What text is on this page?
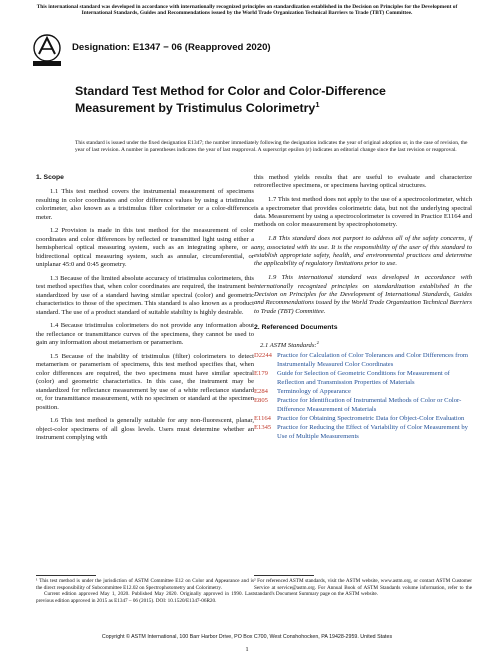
This international standard was developed in accordance with internationally recognized principles on standardization established in the Decision on Principles for the Development of International Standards, Guides and Recommendations issued by the World Trade Organization Technical Barriers to Trade (TBT) Committee.
Designation: E1347 − 06 (Reapproved 2020)
Standard Test Method for Color and Color-Difference Measurement by Tristimulus Colorimetry$^1$
This standard is issued under the fixed designation E1347; the number immediately following the designation indicates the year of original adoption or, in the case of revision, the year of last revision. A number in parentheses indicates the year of last reapproval. A superscript epsilon (ε) indicates an editorial change since the last revision or reapproval.
1. Scope

1.1 This test method covers the instrumental measurement of specimens resulting in color coordinates and color difference values by using a tristimulus colorimeter, also known as a tristimulus filter colorimeter or a color-difference meter.

1.2 Provision is made in this test method for the measurement of color coordinates and color differences by reflected or transmitted light using either a hemispherical optical measuring system, such as an integrating sphere, or a bidirectional optical measuring system, such as annular, circumferential, or uniplanar 45:0 and 0:45 geometry.

1.3 Because of the limited absolute accuracy of tristimulus colorimeters, this test method specifies that, when color coordinates are required, the instrument be standardized by use of a standard having similar spectral (color) and geometric characteristics to those of the specimen. This standard is also known as a product standard. The use of a product standard of suitable stability is highly desirable.

1.4 Because tristimulus colorimeters do not provide any information about the reflectance or transmittance curves of the specimens, they cannot be used to gain any information about metamerism or paramerism.

1.5 Because of the inability of tristimulus (filter) colorimeters to detect metamerism or paramerism of specimens, this test method specifies that, when color differences are required, the two specimens must have similar spectral (color) and geometric characteristics. In this case, the instrument may be standardized for reflectance measurement by use of a white reflectance standard or, for transmittance measurement, with no specimen or standard at the specimen position.

1.6 This test method is generally suitable for any non-fluorescent, planar, object-color specimens of all gloss levels. Users must determine whether an instrument complying with

this method yields results that are useful to evaluate and characterize retroreflective specimens, or specimens having optical structures.

1.7 This test method does not apply to the use of a spectrocolorimeter, which is a spectrometer that provides colorimetric data, but not the underlying spectral data. Measurement by using a spectrocolorimeter is covered in Practice E1164 and methods on color measurement by spectrophotometry.

1.8 This standard does not purport to address all of the safety concerns, if any, associated with its use. It is the responsibility of the user of this standard to establish appropriate safety, health, and environmental practices and determine the applicability of regulatory limitations prior to use.

1.9 This international standard was developed in accordance with internationally recognized principles on standardization established in the Decision on Principles for the Development of International Standards, Guides and Recommendations issued by the World Trade Organization Technical Barriers to Trade (TBT) Committee.

2. Referenced Documents
2.1 ASTM Standards:$^2$
D2244 Practice for Calculation of Color Tolerances and Color Differences from Instrumentally Measured Color Coordinates
E179	Guide for Selection of Geometric Conditions for Measurement of Reflection and Transmission Properties of Materials
E284	Terminology of Appearance
E805	Practice for Identification of Instrumental Methods of Color or Color-Difference Measurement of Materials
E1164 Practice for Obtaining Spectrometric Data for Object-Color Evaluation
E1345 Practice for Reducing the Effect of Variability of Color Measurement by Use of Multiple Measurements
¹ This test method is under the jurisdiction of ASTM Committee E12 on Color and Appearance and is the direct responsibility of Subcommittee E12.02 on Spectrophotometry and Colorimetry.
Current edition approved May 1, 2020. Published May 2020. Originally approved in 1990. Last previous edition approved in 2015 as E1347 – 06 (2015). DOI: 10.1520/E1347-06R20.
² For referenced ASTM standards, visit the ASTM website, www.astm.org, or contact ASTM Customer Service at service@astm.org. For Annual Book of ASTM Standards volume information, refer to the standard's Document Summary page on the ASTM website.
Copyright © ASTM International, 100 Barr Harbor Drive, PO Box C700, West Conshohocken, PA 19428-2959. United States
1
